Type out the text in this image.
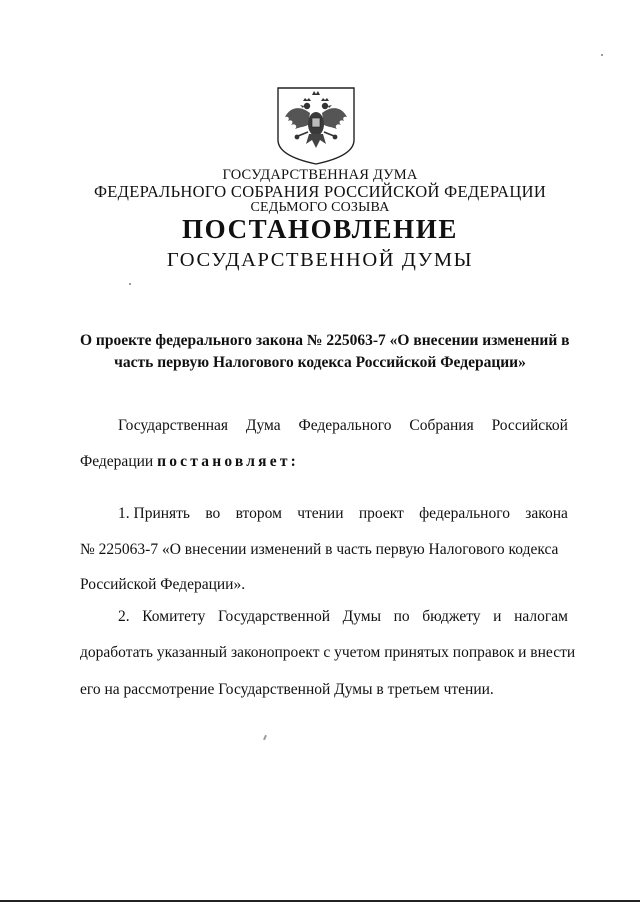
ГОСУДАРСТВЕННАЯ ДУМА
ФЕДЕРАЛЬНОГО СОБРАНИЯ РОССИЙСКОЙ ФЕДЕРАЦИИ
СЕДЬМОГО СОЗЫВА
ПОСТАНОВЛЕНИЕ
ГОСУДАРСТВЕННОЙ ДУМЫ
О проекте федерального закона № 225063-7 «О внесении изменений в
часть первую Налогового кодекса Российской Федерации»
Государственная Дума Федерального Собрания Российской
Федерации постановляет:
1. Принять во втором чтении проект федерального закона
№ 225063-7 «О внесении изменений в часть первую Налогового кодекса
Российской Федерации».
2. Комитету Государственной Думы по бюджету и налогам
доработать указанный законопроект с учетом принятых поправок и внести
его на рассмотрение Государственной Думы в третьем чтении.
